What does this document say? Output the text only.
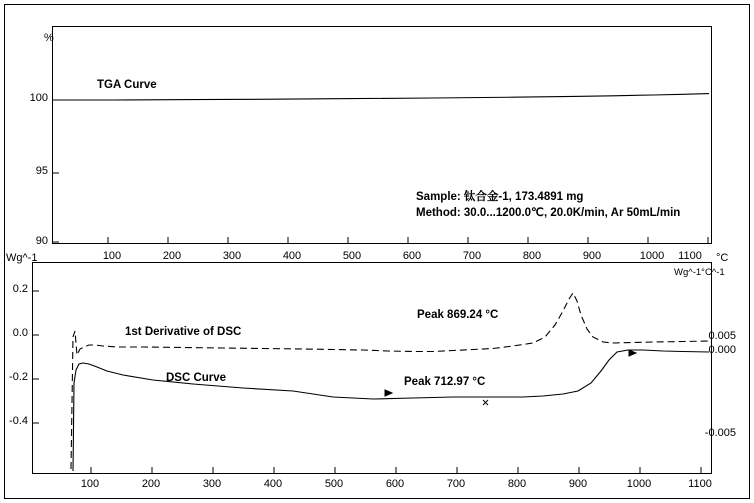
%
100
95
90
TGA Curve
Sample: 钛合金-1, 173.4891 mg
Method: 30.0...1200.0℃, 20.0K/min, Ar 50mL/min
100	200	300	400	500	600	700	800	900	1000	1100
Wg^-1
Wg^-1°C^-1
°C
0.2
0.0
-0.2
-0.4
0.005
0.000
-0.005
100	200	300	400	500	600	700	800	900	1000	1100
1st Derivative of DSC
DSC Curve
Peak 869.24 °C
Peak 712.97 °C
